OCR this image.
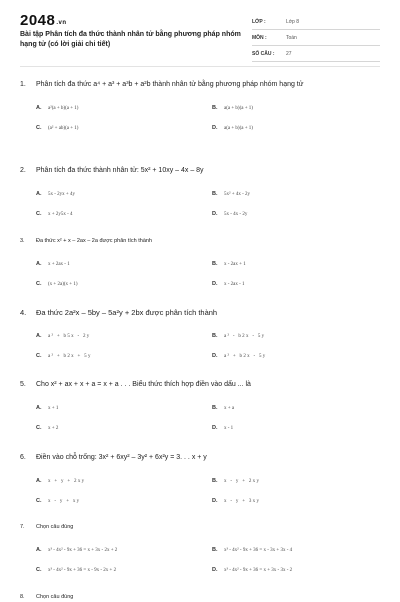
$2048_{.vn}$
Bài tập Phân tích đa thức thành nhân tử bằng phương pháp nhóm hạng tử (có lời giải chi tiết)
LỚP :	Lớp 8
MÔN :	Toán
SỐ CÂU :	27
1.	Phân tích đa thức a⁴ + a³ + a³b + a²b thành nhân tử bằng phương pháp nhóm hạng tử
A.	a²(a + b)(a + 1)	B.	a(a + b)(a + 1)
C.	(a² + ab)(a + 1)	D.	a(a + b)(a + 1)
2.	Phân tích đa thức thành nhân tử: 5x² + 10xy – 4x – 8y
A.	5x - 2yx + 4y	B.	5x² + 4x - 2y
C.	x + 2y5x - 4	D.	5x - 4x - 2y
3.	Đa thức x² + x – 2ax – 2a được phân tích thành
A.	x + 2ax - 1	B.	x - 2ax + 1
C.	(x + 2a)(x + 1)	D.	x - 2ax - 1
4.	Đa thức 2a²x – 5by – 5a²y + 2bx được phân tích thành
A.	a² + b5x - 2y	B.	a² - b2x - 5y
C.	a² + b2x + 5y	D.	a² + b2x - 5y
5.	Cho x² + ax + x + a = x + a . . . Biểu thức thích hợp điền vào dấu ... là
A.	x + 1	B.	x + a
C.	x + 2	D.	x - 1
6.	Điền vào chỗ trống: 3x² + 6xy² – 3y² + 6x²y = 3. . . x + y
A.	x + y + 2xy	B.	x - y + 2xy
C.	x - y + xy	D.	x - y + 3xy
7.	Chọn câu đúng
A.	x³ - 4x² - 9x + 36 = x + 3x - 2x + 2	B.	x³ - 4x² - 9x + 36 = x - 3x + 3x - 4
C.	x³ - 4x² - 9x + 36 = x - 9x - 2x + 2	D.	x³ - 4x² - 9x + 36 = x + 3x - 3x - 2
8.	Chọn câu đúng
